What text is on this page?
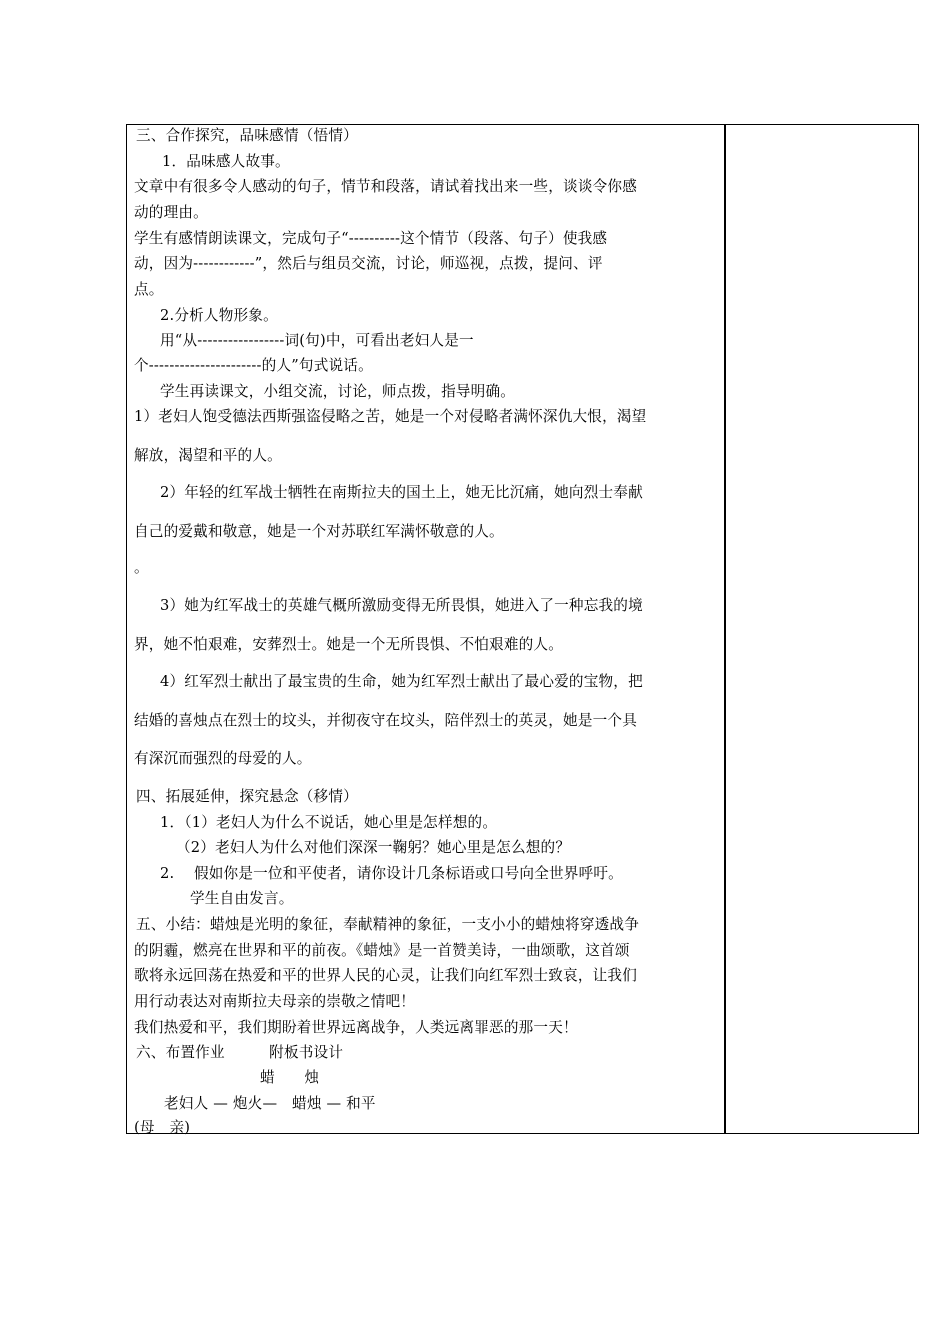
三、合作探究，品味感情（悟情）
1．品味感人故事。
文章中有很多令人感动的句子，情节和段落，请试着找出来一些，谈谈令你感
动的理由。
学生有感情朗读课文，完成句子“----------这个情节（段落、句子）使我感
动，因为------------”，然后与组员交流，讨论，师巡视，点拨，提问、评
点。
2.分析人物形象。
用“从-----------------词(句)中，可看出老妇人是一
个----------------------的人”句式说话。
学生再读课文，小组交流，讨论，师点拨，指导明确。
1）老妇人饱受德法西斯强盗侵略之苦，她是一个对侵略者满怀深仇大恨，渴望
解放，渴望和平的人。
2）年轻的红军战士牺牲在南斯拉夫的国土上，她无比沉痛，她向烈士奉献
自己的爱戴和敬意，她是一个对苏联红军满怀敬意的人。
。
3）她为红军战士的英雄气概所激励变得无所畏惧，她进入了一种忘我的境
界，她不怕艰难，安葬烈士。她是一个无所畏惧、不怕艰难的人。
4）红军烈士献出了最宝贵的生命，她为红军烈士献出了最心爱的宝物，把
结婚的喜烛点在烈士的坟头，并彻夜守在坟头，陪伴烈士的英灵，她是一个具
有深沉而强烈的母爱的人。
四、拓展延伸，探究悬念（移情）
1．（1）老妇人为什么不说话，她心里是怎样想的。
（2）老妇人为什么对他们深深一鞠躬？她心里是怎么想的？
2.　 假如你是一位和平使者，请你设计几条标语或口号向全世界呼吁。
学生自由发言。
五、小结：蜡烛是光明的象征，奉献精神的象征，一支小小的蜡烛将穿透战争
的阴霾，燃亮在世界和平的前夜。《蜡烛》是一首赞美诗，一曲颂歌，这首颂
歌将永远回荡在热爱和平的世界人民的心灵，让我们向红军烈士致哀，让我们
用行动表达对南斯拉夫母亲的崇敬之情吧！
我们热爱和平，我们期盼着世界远离战争，人类远离罪恶的那一天！
六、布置作业　　　附板书设计
蜡　　烛
老妇人 — 炮火—　蜡烛 — 和平
(母　亲)
